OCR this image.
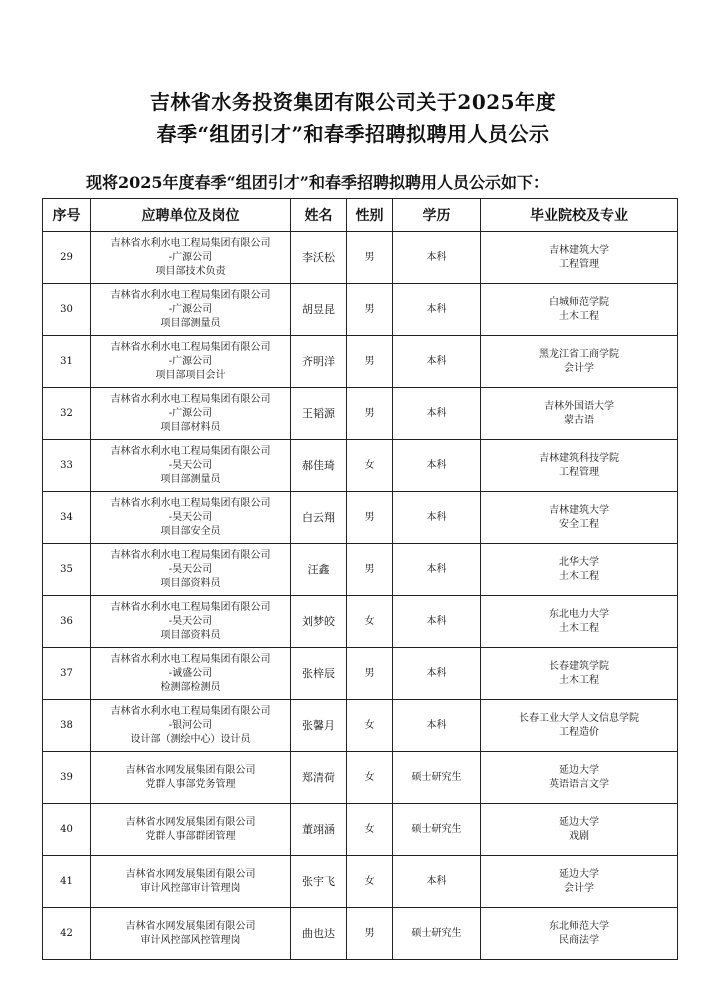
吉林省水务投资集团有限公司关于2025年度
春季“组团引才”和春季招聘拟聘用人员公示
现将2025年度春季“组团引才”和春季招聘拟聘用人员公示如下：
序号	应聘单位及岗位	姓名	性别	学历	毕业院校及专业
29	吉林省水利水电工程局集团有限公司
-广源公司
项目部技术负责	李沃松	男	本科	吉林建筑大学
工程管理

30	吉林省水利水电工程局集团有限公司
-广源公司
项目部测量员	胡昱昆	男	本科	白城师范学院
土木工程

31	吉林省水利水电工程局集团有限公司
-广源公司
项目部项目会计	齐明洋	男	本科	黑龙江省工商学院
会计学

32	吉林省水利水电工程局集团有限公司
-广源公司
项目部材料员	王韬源	男	本科	吉林外国语大学
蒙古语

33	吉林省水利水电工程局集团有限公司
-昊天公司
项目部测量员	郝佳琦	女	本科	吉林建筑科技学院
工程管理

34	吉林省水利水电工程局集团有限公司
-昊天公司
项目部安全员	白云翔	男	本科	吉林建筑大学
安全工程

35	吉林省水利水电工程局集团有限公司
-昊天公司
项目部资料员	汪鑫	男	本科	北华大学
土木工程

36	吉林省水利水电工程局集团有限公司
-昊天公司
项目部资料员	刘梦皎	女	本科	东北电力大学
土木工程

37	吉林省水利水电工程局集团有限公司
-诚盛公司
检测部检测员	张梓辰	男	本科	长春建筑学院
土木工程

38	吉林省水利水电工程局集团有限公司
-银河公司
设计部（测绘中心）设计员	张馨月	女	本科	长春工业大学人文信息学院
工程造价

39	吉林省水网发展集团有限公司
党群人事部党务管理	郑清荷	女	硕士研究生	延边大学
英语语言文学

40	吉林省水网发展集团有限公司
党群人事部群团管理	董翊涵	女	硕士研究生	延边大学
戏剧

41	吉林省水网发展集团有限公司
审计风控部审计管理岗	张宇飞	女	本科	延边大学
会计学

42	吉林省水网发展集团有限公司
审计风控部风控管理岗	曲也达	男	硕士研究生	东北师范大学
民商法学
